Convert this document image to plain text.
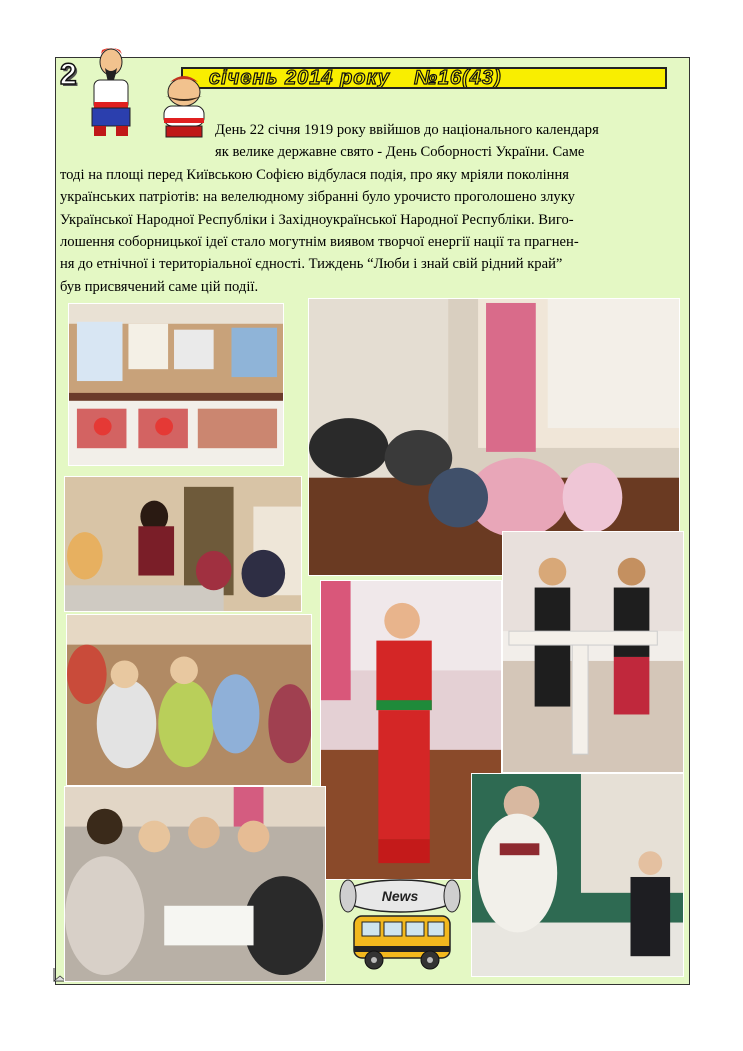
2	січень 2014 року №16(43)
День 22 січня 1919 року ввійшов до національного календаря
як велике державне свято - День Соборності України. Саме
тоді на площі перед Київською Софією відбулася подія, про яку мріяли покоління
українських патріотів: на велелюдному зібранні було урочисто проголошено злуку
Української Народної Республіки і Західноукраїнської Народної Республіки. Виго-
лошення соборницької ідеї стало могутнім виявом творчої енергії нації та прагнен-
ня до етнічної і територіальної єдності. Тиждень “Люби і знай свій рідний край”
був присвячений саме цій події.
News
